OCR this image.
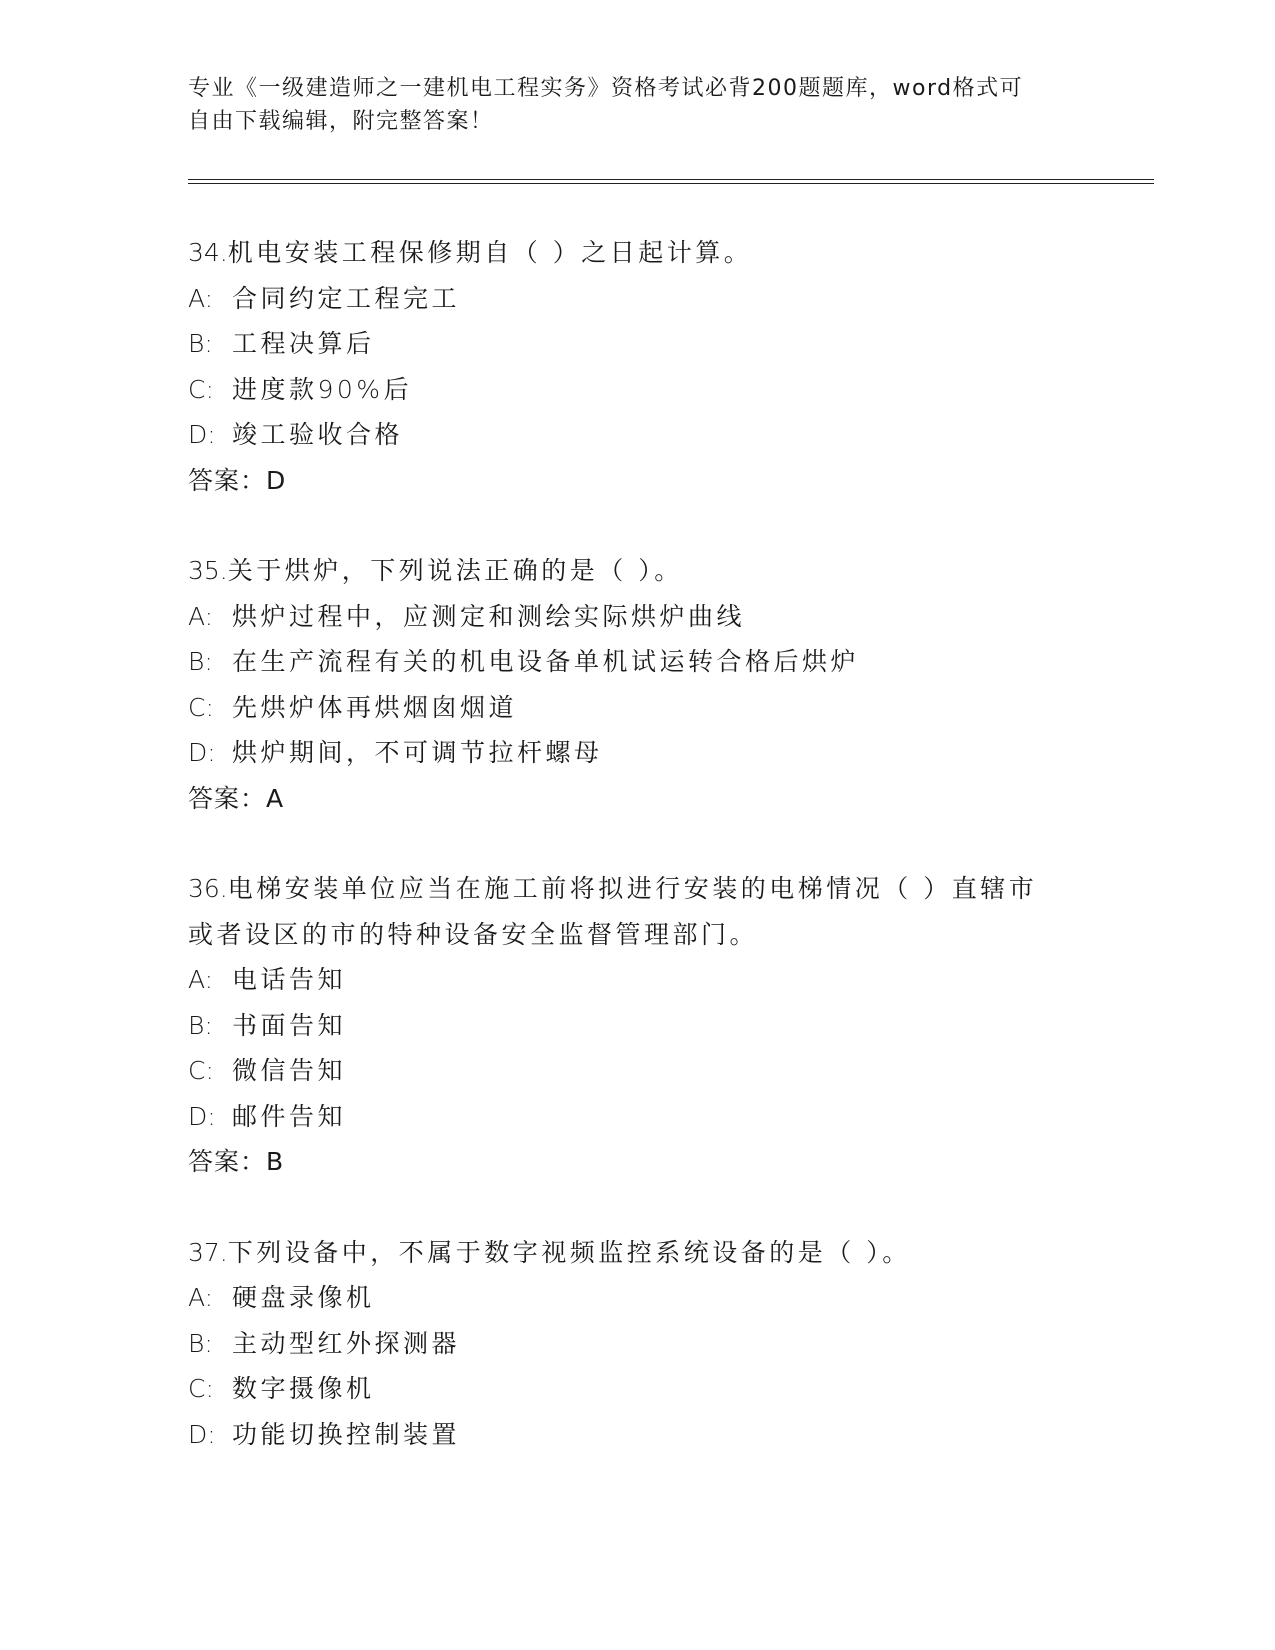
专业《一级建造师之一建机电工程实务》资格考试必背200题题库，word格式可
自由下载编辑，附完整答案！
34.机电安装工程保修期自（ ）之日起计算。
A: 合同约定工程完工
B: 工程决算后
C: 进度款90%后
D: 竣工验收合格
答案：D
35.关于烘炉，下列说法正确的是（ ）。
A: 烘炉过程中，应测定和测绘实际烘炉曲线
B: 在生产流程有关的机电设备单机试运转合格后烘炉
C: 先烘炉体再烘烟囱烟道
D: 烘炉期间，不可调节拉杆螺母
答案：A
36.电梯安装单位应当在施工前将拟进行安装的电梯情况（ ）直辖市
或者设区的市的特种设备安全监督管理部门。
A: 电话告知
B: 书面告知
C: 微信告知
D: 邮件告知
答案：B
37.下列设备中，不属于数字视频监控系统设备的是（ ）。
A: 硬盘录像机
B: 主动型红外探测器
C: 数字摄像机
D: 功能切换控制装置
